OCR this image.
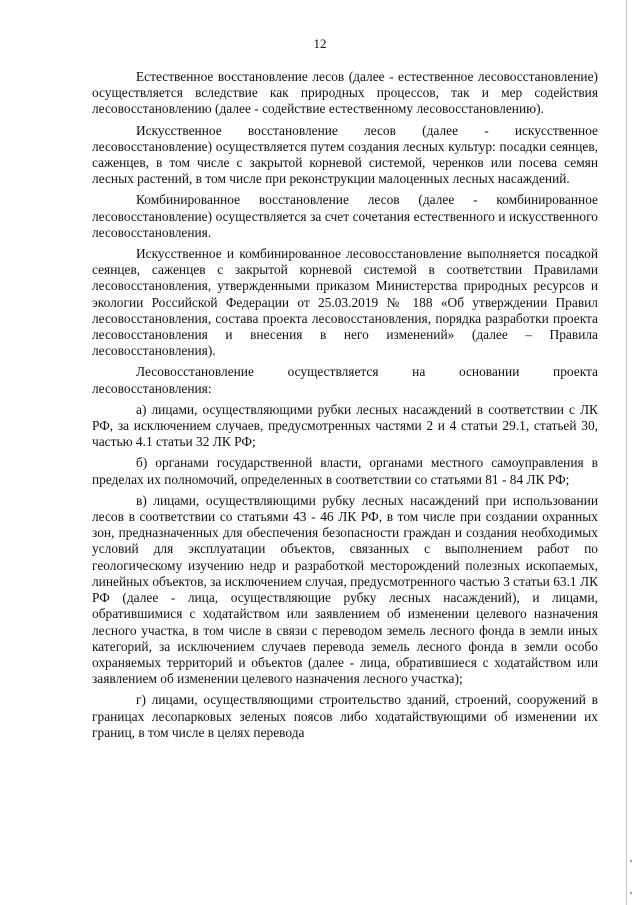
12

Естественное восстановление лесов (далее - естественное лесовосстановление) осуществляется вследствие как природных процессов, так и мер содействия лесовосстановлению (далее - содействие естественному лесовосстановлению).

Искусственное восстановление лесов (далее - искусственное лесовосстановление) осуществляется путем создания лесных культур: посадки сеянцев, саженцев, в том числе с закрытой корневой системой, черенков или посева семян лесных растений, в том числе при реконструкции малоценных лесных насаждений.

Комбинированное восстановление лесов (далее - комбинированное лесовосстановление) осуществляется за счет сочетания естественного и искусственного лесовосстановления.

Искусственное и комбинированное лесовосстановление выполняется посадкой сеянцев, саженцев с закрытой корневой системой в соответствии Правилами лесовосстановления, утвержденными приказом Министерства природных ресурсов и экологии Российской Федерации от 25.03.2019 № 188 «Об утверждении Правил лесовосстановления, состава проекта лесовосстановления, порядка разработки проекта лесовосстановления и внесения в него изменений» (далее – Правила лесовосстановления).

Лесовосстановление осуществляется на основании проекта лесовосстановления:

а) лицами, осуществляющими рубки лесных насаждений в соответствии с ЛК РФ, за исключением случаев, предусмотренных частями 2 и 4 статьи 29.1, статьей 30, частью 4.1 статьи 32 ЛК РФ;

б) органами государственной власти, органами местного самоуправления в пределах их полномочий, определенных в соответствии со статьями 81 - 84 ЛК РФ;

в) лицами, осуществляющими рубку лесных насаждений при использовании лесов в соответствии со статьями 43 - 46 ЛК РФ, в том числе при создании охранных зон, предназначенных для обеспечения безопасности граждан и создания необходимых условий для эксплуатации объектов, связанных с выполнением работ по геологическому изучению недр и разработкой месторождений полезных ископаемых, линейных объектов, за исключением случая, предусмотренного частью 3 статьи 63.1 ЛК РФ (далее - лица, осуществляющие рубку лесных насаждений), и лицами, обратившимися с ходатайством или заявлением об изменении целевого назначения лесного участка, в том числе в связи с переводом земель лесного фонда в земли иных категорий, за исключением случаев перевода земель лесного фонда в земли особо охраняемых территорий и объектов (далее - лица, обратившиеся с ходатайством или заявлением об изменении целевого назначения лесного участка);

г) лицами, осуществляющими строительство зданий, строений, сооружений в границах лесопарковых зеленых поясов либо ходатайствующими об изменении их границ, в том числе в целях перевода
